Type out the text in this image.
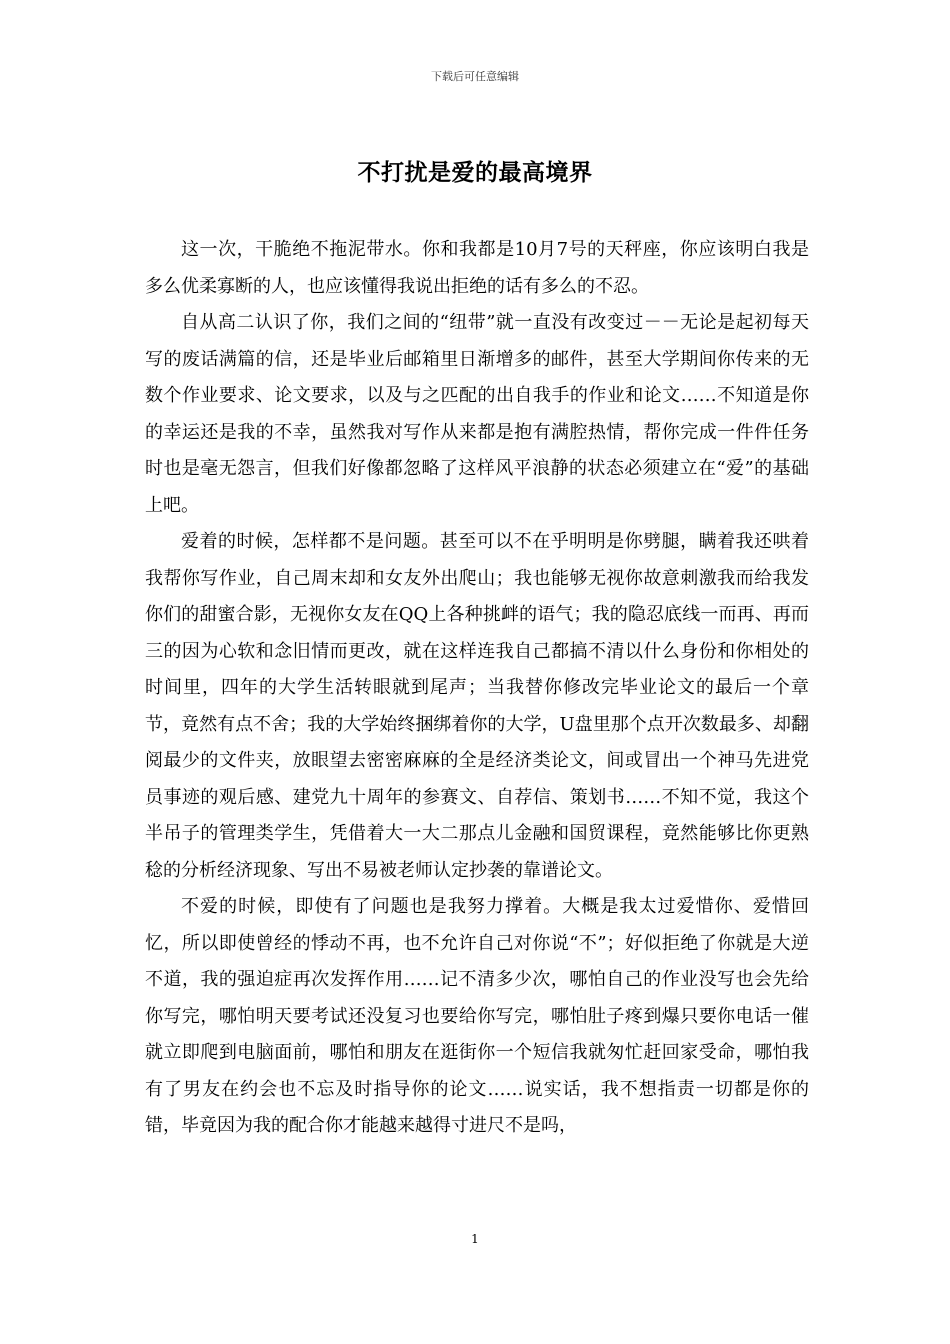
下载后可任意编辑
不打扰是爱的最高境界

这一次，干脆绝不拖泥带水。你和我都是10月7号的天秤座，你应该明白我是多么优柔寡断的人，也应该懂得我说出拒绝的话有多么的不忍。

自从高二认识了你，我们之间的“纽带”就一直没有改变过－－无论是起初每天写的废话满篇的信，还是毕业后邮箱里日渐增多的邮件，甚至大学期间你传来的无数个作业要求、论文要求，以及与之匹配的出自我手的作业和论文……不知道是你的幸运还是我的不幸，虽然我对写作从来都是抱有满腔热情，帮你完成一件件任务时也是毫无怨言，但我们好像都忽略了这样风平浪静的状态必须建立在“爱”的基础上吧。

爱着的时候，怎样都不是问题。甚至可以不在乎明明是你劈腿，瞒着我还哄着我帮你写作业，自己周末却和女友外出爬山；我也能够无视你故意刺激我而给我发你们的甜蜜合影，无视你女友在QQ上各种挑衅的语气；我的隐忍底线一而再、再而三的因为心软和念旧情而更改，就在这样连我自己都搞不清以什么身份和你相处的时间里，四年的大学生活转眼就到尾声；当我替你修改完毕业论文的最后一个章节，竟然有点不舍；我的大学始终捆绑着你的大学，U盘里那个点开次数最多、却翻阅最少的文件夹，放眼望去密密麻麻的全是经济类论文，间或冒出一个神马先进党员事迹的观后感、建党九十周年的参赛文、自荐信、策划书……不知不觉，我这个半吊子的管理类学生，凭借着大一大二那点儿金融和国贸课程，竟然能够比你更熟稔的分析经济现象、写出不易被老师认定抄袭的靠谱论文。

不爱的时候，即使有了问题也是我努力撑着。大概是我太过爱惜你、爱惜回忆，所以即使曾经的悸动不再，也不允许自己对你说“不”；好似拒绝了你就是大逆不道，我的强迫症再次发挥作用……记不清多少次，哪怕自己的作业没写也会先给你写完，哪怕明天要考试还没复习也要给你写完，哪怕肚子疼到爆只要你电话一催就立即爬到电脑面前，哪怕和朋友在逛街你一个短信我就匆忙赶回家受命，哪怕我有了男友在约会也不忘及时指导你的论文……说实话，我不想指责一切都是你的错，毕竟因为我的配合你才能越来越得寸进尺不是吗，

1
